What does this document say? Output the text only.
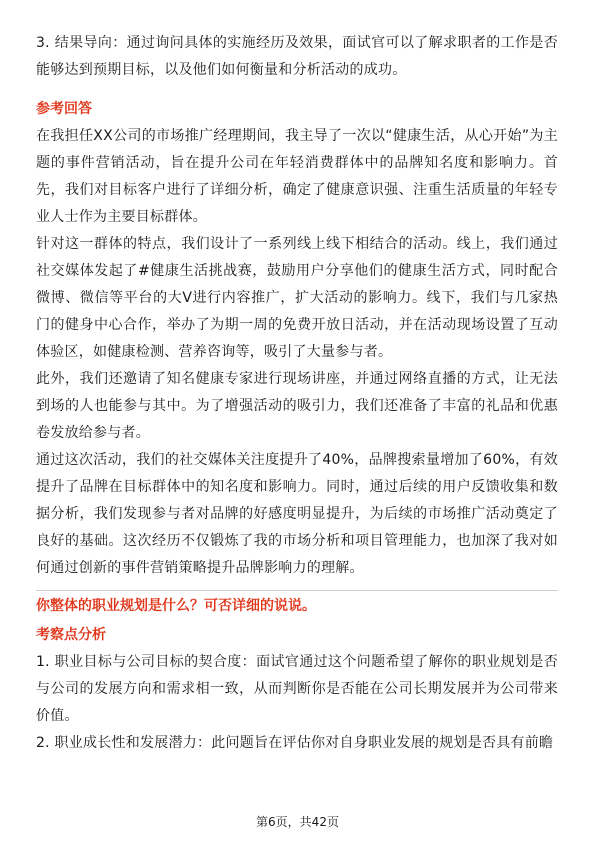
3. 结果导向：通过询问具体的实施经历及效果，面试官可以了解求职者的工作是否能够达到预期目标，以及他们如何衡量和分析活动的成功。

参考回答

在我担任XX公司的市场推广经理期间，我主导了一次以“健康生活，从心开始”为主题的事件营销活动，旨在提升公司在年轻消费群体中的品牌知名度和影响力。首先，我们对目标客户进行了详细分析，确定了健康意识强、注重生活质量的年轻专业人士作为主要目标群体。

针对这一群体的特点，我们设计了一系列线上线下相结合的活动。线上，我们通过社交媒体发起了#健康生活挑战赛，鼓励用户分享他们的健康生活方式，同时配合微博、微信等平台的大V进行内容推广，扩大活动的影响力。线下，我们与几家热门的健身中心合作，举办了为期一周的免费开放日活动，并在活动现场设置了互动体验区，如健康检测、营养咨询等，吸引了大量参与者。

此外，我们还邀请了知名健康专家进行现场讲座，并通过网络直播的方式，让无法到场的人也能参与其中。为了增强活动的吸引力，我们还准备了丰富的礼品和优惠卷发放给参与者。

通过这次活动，我们的社交媒体关注度提升了40%，品牌搜索量增加了60%，有效提升了品牌在目标群体中的知名度和影响力。同时，通过后续的用户反馈收集和数据分析，我们发现参与者对品牌的好感度明显提升，为后续的市场推广活动奠定了良好的基础。这次经历不仅锻炼了我的市场分析和项目管理能力，也加深了我对如何通过创新的事件营销策略提升品牌影响力的理解。

你整体的职业规划是什么？可否详细的说说。

考察点分析

1. 职业目标与公司目标的契合度：面试官通过这个问题希望了解你的职业规划是否与公司的发展方向和需求相一致，从而判断你是否能在公司长期发展并为公司带来价值。

2. 职业成长性和发展潜力：此问题旨在评估你对自身职业发展的规划是否具有前瞻

第6页，共42页
